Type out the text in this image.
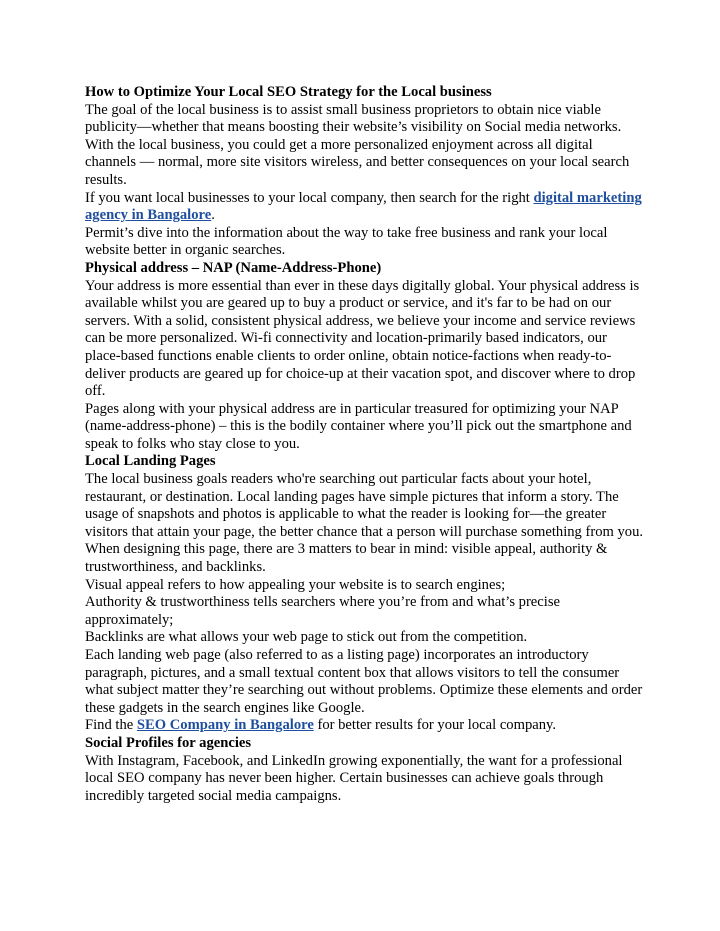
How to Optimize Your Local SEO Strategy for the Local business

The goal of the local business is to assist small business proprietors to obtain nice viable publicity—whether that means boosting their website’s visibility on Social media networks.

With the local business, you could get a more personalized enjoyment across all digital channels — normal, more site visitors wireless, and better consequences on your local search results.

If you want local businesses to your local company, then search for the right digital marketing agency in Bangalore.

Permit’s dive into the information about the way to take free business and rank your local website better in organic searches.

Physical address – NAP (Name-Address-Phone)

Your address is more essential than ever in these days digitally global. Your physical address is available whilst you are geared up to buy a product or service, and it's far to be had on our servers. With a solid, consistent physical address, we believe your income and service reviews can be more personalized. Wi-fi connectivity and location-primarily based indicators, our place-based functions enable clients to order online, obtain notice-factions when ready-to-deliver products are geared up for choice-up at their vacation spot, and discover where to drop off.

Pages along with your physical address are in particular treasured for optimizing your NAP (name-address-phone) – this is the bodily container where you’ll pick out the smartphone and speak to folks who stay close to you.

Local Landing Pages

The local business goals readers who're searching out particular facts about your hotel, restaurant, or destination. Local landing pages have simple pictures that inform a story. The usage of snapshots and photos is applicable to what the reader is looking for—the greater visitors that attain your page, the better chance that a person will purchase something from you.

When designing this page, there are 3 matters to bear in mind: visible appeal, authority & trustworthiness, and backlinks.

Visual appeal refers to how appealing your website is to search engines;

Authority & trustworthiness tells searchers where you’re from and what’s precise approximately;

Backlinks are what allows your web page to stick out from the competition.

Each landing web page (also referred to as a listing page) incorporates an introductory paragraph, pictures, and a small textual content box that allows visitors to tell the consumer what subject matter they’re searching out without problems. Optimize these elements and order these gadgets in the search engines like Google.

Find the SEO Company in Bangalore for better results for your local company.

Social Profiles for agencies

With Instagram, Facebook, and LinkedIn growing exponentially, the want for a professional local SEO company has never been higher. Certain businesses can achieve goals through incredibly targeted social media campaigns.
